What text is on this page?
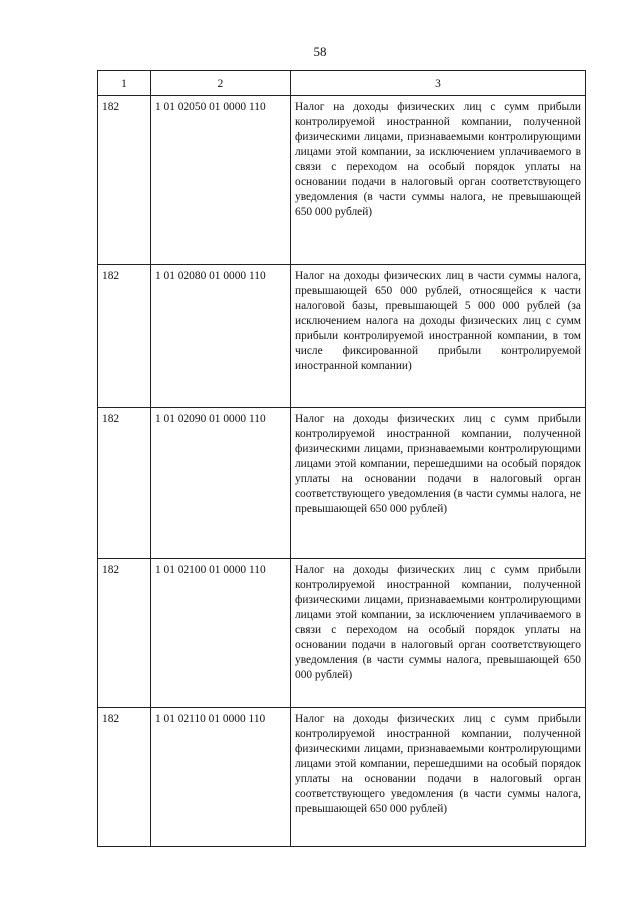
58
1	2	3
182	1 01 02050 01 0000 110	Налог на доходы физических лиц с сумм прибыли контролируемой иностранной компании, полученной физическими лицами, признаваемыми контролирующими лицами этой компании, за исключением уплачиваемого в связи с переходом на особый порядок уплаты на основании подачи в налоговый орган соответствующего уведомления (в части суммы налога, не превышающей 650 000 рублей)
182	1 01 02080 01 0000 110	Налог на доходы физических лиц в части суммы налога, превышающей 650 000 рублей, относящейся к части налоговой базы, превышающей 5 000 000 рублей (за исключением налога на доходы физических лиц с сумм прибыли контролируемой иностранной компании, в том числе фиксированной прибыли контролируемой иностранной компании)
182	1 01 02090 01 0000 110	Налог на доходы физических лиц с сумм прибыли контролируемой иностранной компании, полученной физическими лицами, признаваемыми контролирующими лицами этой компании, перешедшими на особый порядок уплаты на основании подачи в налоговый орган соответствующего уведомления (в части суммы налога, не превышающей 650 000 рублей)
182	1 01 02100 01 0000 110	Налог на доходы физических лиц с сумм прибыли контролируемой иностранной компании, полученной физическими лицами, признаваемыми контролирующими лицами этой компании, за исключением уплачиваемого в связи с переходом на особый порядок уплаты на основании подачи в налоговый орган соответствующего уведомления (в части суммы налога, превышающей 650 000 рублей)
182	1 01 02110 01 0000 110	Налог на доходы физических лиц с сумм прибыли контролируемой иностранной компании, полученной физическими лицами, признаваемыми контролирующими лицами этой компании, перешедшими на особый порядок уплаты на основании подачи в налоговый орган соответствующего уведомления (в части суммы налога, превышающей 650 000 рублей)
